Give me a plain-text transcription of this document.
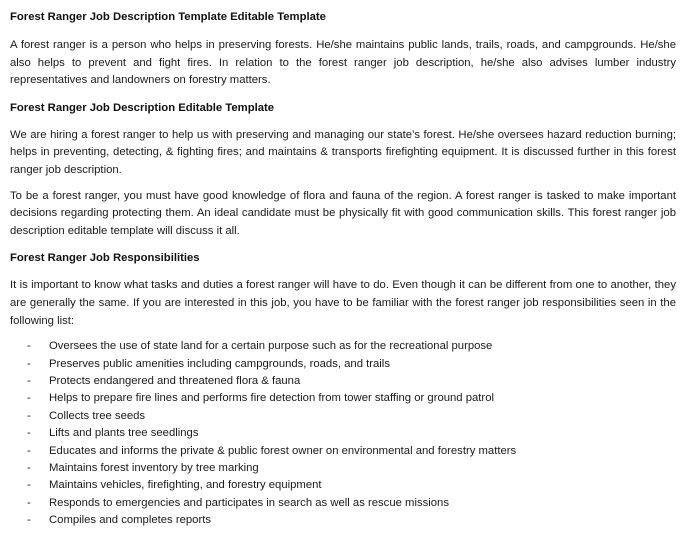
Forest Ranger Job Description Template Editable Template

A forest ranger is a person who helps in preserving forests. He/she maintains public lands, trails, roads, and campgrounds. He/she also helps to prevent and fight fires. In relation to the forest ranger job description, he/she also advises lumber industry representatives and landowners on forestry matters.

Forest Ranger Job Description Editable Template

We are hiring a forest ranger to help us with preserving and managing our state’s forest. He/she oversees hazard reduction burning; helps in preventing, detecting, & fighting fires; and maintains & transports firefighting equipment. It is discussed further in this forest ranger job description.

To be a forest ranger, you must have good knowledge of flora and fauna of the region. A forest ranger is tasked to make important decisions regarding protecting them. An ideal candidate must be physically fit with good communication skills. This forest ranger job description editable template will discuss it all.

Forest Ranger Job Responsibilities

It is important to know what tasks and duties a forest ranger will have to do. Even though it can be different from one to another, they are generally the same. If you are interested in this job, you have to be familiar with the forest ranger job responsibilities seen in the following list:

-	Oversees the use of state land for a certain purpose such as for the recreational purpose
-	Preserves public amenities including campgrounds, roads, and trails
-	Protects endangered and threatened flora & fauna
-	Helps to prepare fire lines and performs fire detection from tower staffing or ground patrol
-	Collects tree seeds
-	Lifts and plants tree seedlings
-	Educates and informs the private & public forest owner on environmental and forestry matters
-	Maintains forest inventory by tree marking
-	Maintains vehicles, firefighting, and forestry equipment
-	Responds to emergencies and participates in search as well as rescue missions
-	Compiles and completes reports
